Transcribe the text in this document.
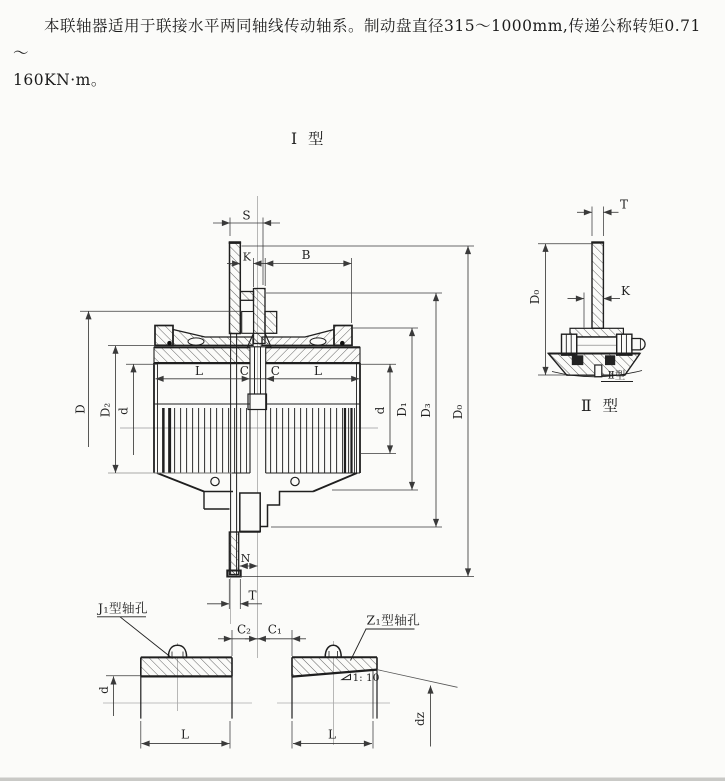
本联轴器适用于联接水平两同轴线传动轴系。制动盘直径315～1000mm,传递公称转矩0.71～
160KN·m。
Ⅰ 型
S
K	B
L	C C	L
D D₂ d	d D₁ D₃ D₀
N
T
T
K
D₀
Ⅱ型
Ⅱ 型
C₂ C₁
J₁型轴孔
d
L
Z₁型轴孔
1: 10
L
dz
